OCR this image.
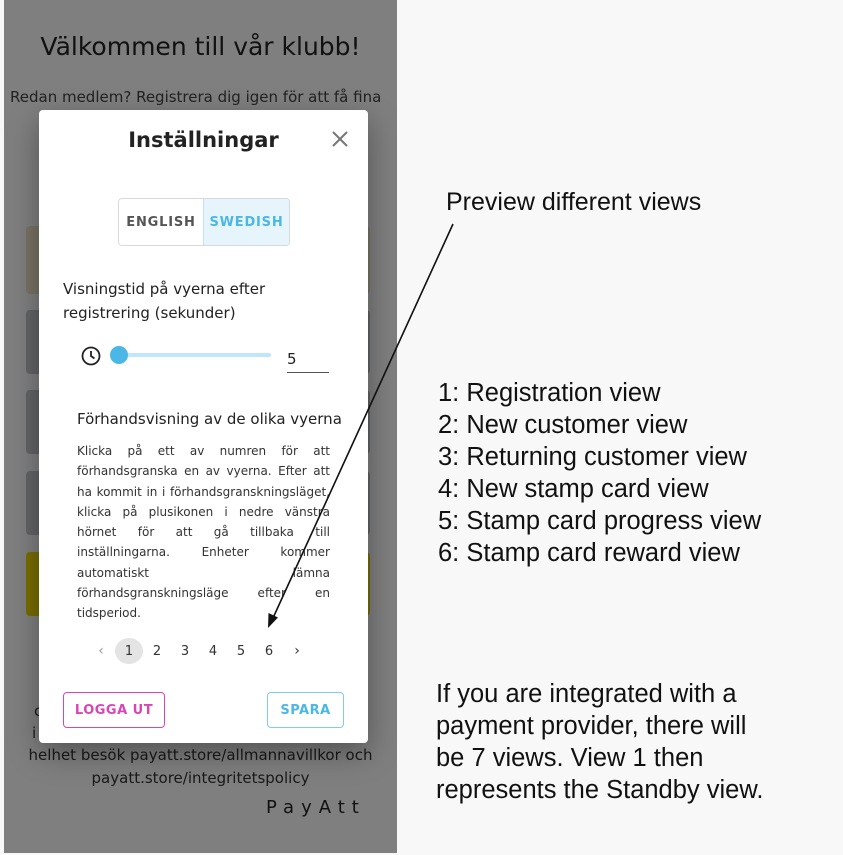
Inställningar
ENGLISH	SWEDISH
Visningstid på vyerna efter registrering (sekunder)
5
Förhandsvisning av de olika vyerna
Klicka på ett av numren för att förhandsgranska en av vyerna. Efter att ha kommit in i förhandsgranskningsläget, klicka på plusikonen i nedre vänstra hörnet för att gå tillbaka till inställningarna. Enheter kommer automatiskt lämna förhandsgranskningsläge efter en tidsperiod.
‹	1	2	3	4	5	6	›
LOGGA UT	SPARA
Preview different views
1: Registration view
2: New customer view
3: Returning customer view
4: New stamp card view
5: Stamp card progress view
6: Stamp card reward view
If you are integrated with a
payment provider, there will
be 7 views. View 1 then
represents the Standby view.
